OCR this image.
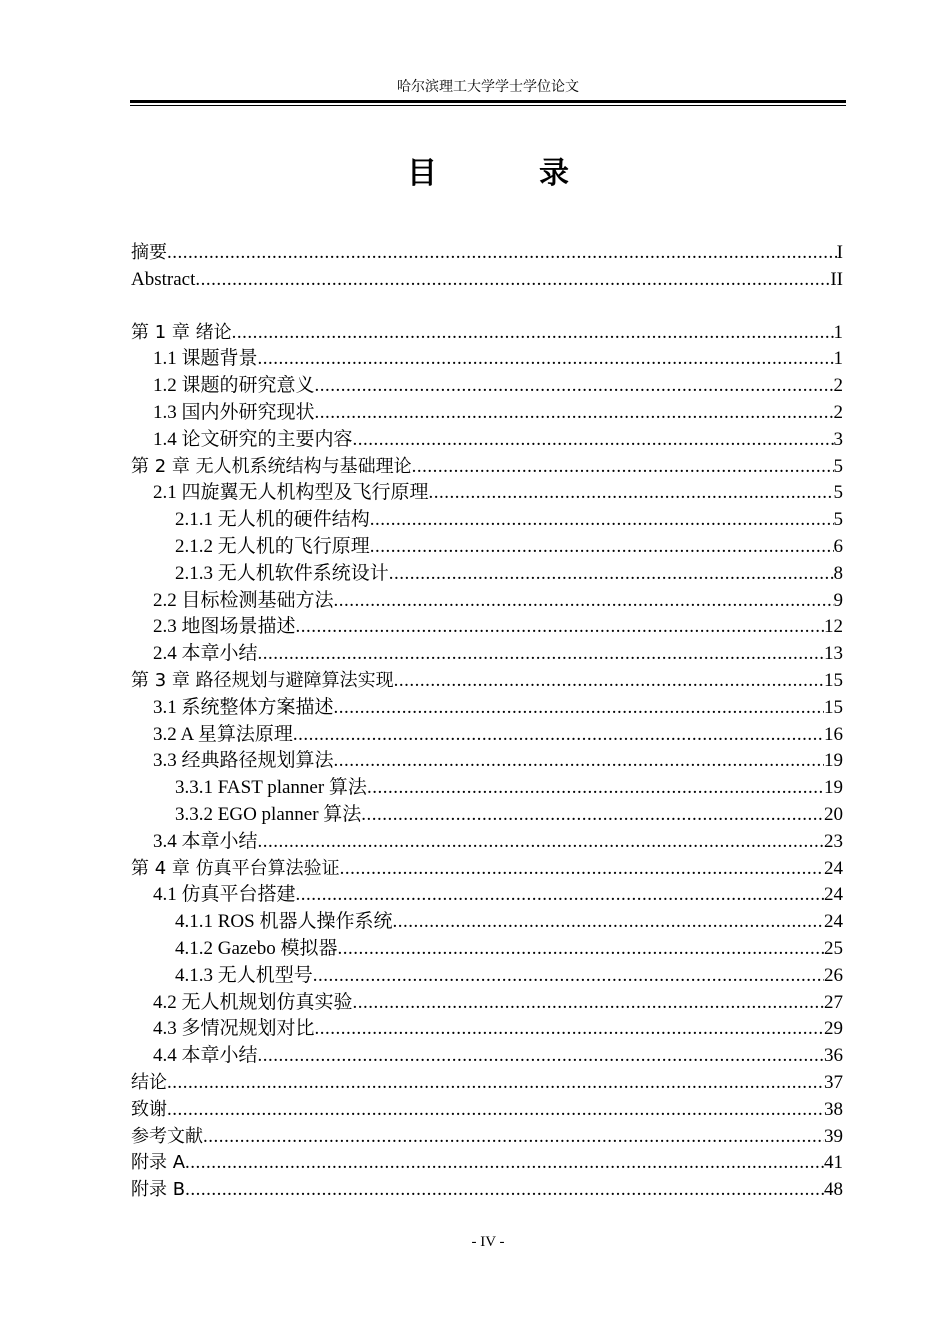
哈尔滨理工大学学士学位论文
目　录
摘要 .....	I
Abstract .....	II
第 1 章 绪论 .....	1
1.1 课题背景 .....	1
1.2 课题的研究意义 .....	2
1.3 国内外研究现状 .....	2
1.4 论文研究的主要内容 .....	3
第 2 章 无人机系统结构与基础理论 .....	5
2.1 四旋翼无人机构型及飞行原理 .....	5
2.1.1 无人机的硬件结构 .....	5
2.1.2 无人机的飞行原理 .....	6
2.1.3 无人机软件系统设计 .....	8
2.2 目标检测基础方法 .....	9
2.3 地图场景描述 .....	12
2.4 本章小结 .....	13
第 3 章 路径规划与避障算法实现 .....	15
3.1 系统整体方案描述 .....	15
3.2 A 星算法原理 .....	16
3.3 经典路径规划算法 .....	19
3.3.1 FAST planner 算法 .....	19
3.3.2 EGO planner 算法 .....	20
3.4 本章小结 .....	23
第 4 章 仿真平台算法验证 .....	24
4.1 仿真平台搭建 .....	24
4.1.1 ROS 机器人操作系统 .....	24
4.1.2 Gazebo 模拟器 .....	25
4.1.3 无人机型号 .....	26
4.2 无人机规划仿真实验 .....	27
4.3 多情况规划对比 .....	29
4.4 本章小结 .....	36
结论 .....	37
致谢 .....	38
参考文献 .....	39
附录 A .....	41
附录 B .....	48
- IV -
